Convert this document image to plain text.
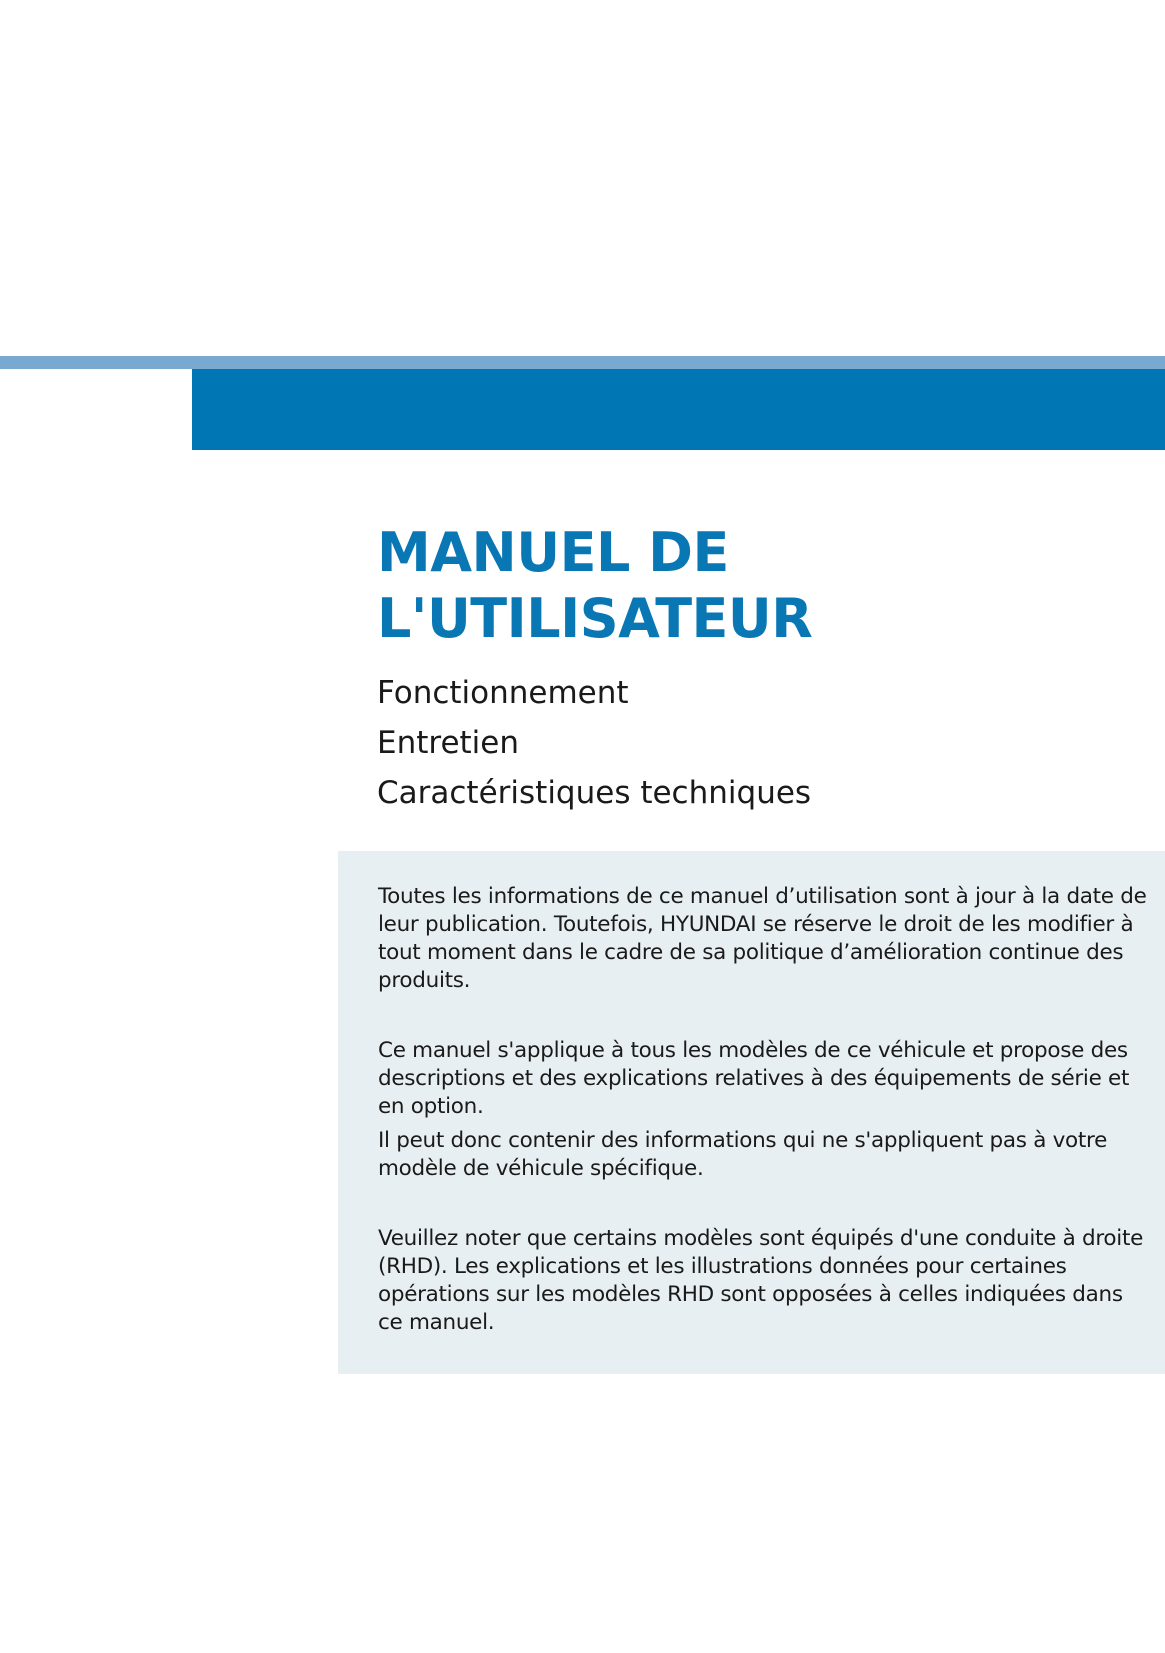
MANUEL DE
L'UTILISATEUR
Fonctionnement
Entretien
Caractéristiques techniques

Toutes les informations de ce manuel d’utilisation sont à jour à la date de leur publication. Toutefois, HYUNDAI se réserve le droit de les modifier à tout moment dans le cadre de sa politique d’amélioration continue des produits.

Ce manuel s'applique à tous les modèles de ce véhicule et propose des descriptions et des explications relatives à des équipements de série et en option.

Il peut donc contenir des informations qui ne s'appliquent pas à votre modèle de véhicule spécifique.

Veuillez noter que certains modèles sont équipés d'une conduite à droite (RHD). Les explications et les illustrations données pour certaines opérations sur les modèles RHD sont opposées à celles indiquées dans ce manuel.
